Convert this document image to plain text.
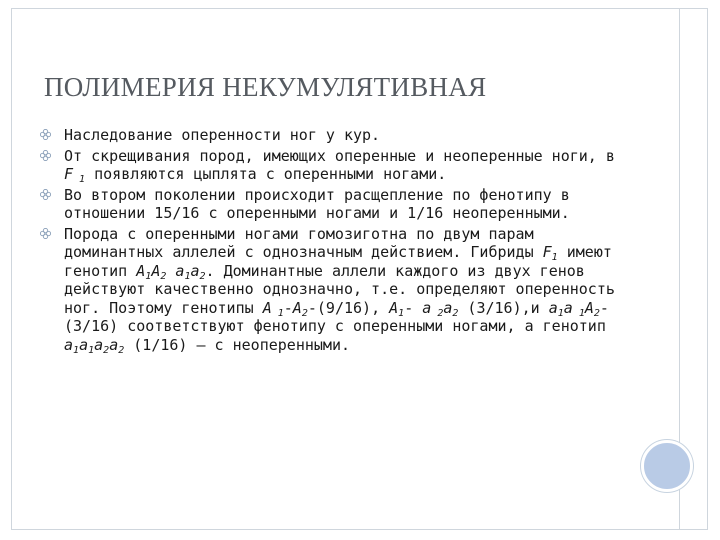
ПОЛИМЕРИЯ НЕКУМУЛЯТИВНАЯ
Наследование оперенности ног у кур.
От скрещивания пород, имеющих оперенные и неоперенные ноги, в F $_1$ появляются цыплята с оперенными ногами.
Во втором поколении происходит расщепление по фенотипу в отношении 15/16 с оперенными ногами и 1/16 неоперенными.
Порода с оперенными ногами гомозиготна по двум парам доминантных аллелей с однозначным действием. Гибриды $F_1$ имеют генотип $A_1A_2$ $a_1a_2$. Доминантные аллели каждого из двух генов действуют качественно однозначно, т.е. определяют оперенность ног. Поэтому генотипы A $_1-A_2-(9/16)$, $A_1-$ a $_2a_2$ (3/16),и $a_1a$ $_1A_2-$ (3/16) соответствуют фенотипу с оперенными ногами, а генотип $a_1a_1a_2a_2$ (1/16) – с неоперенными.
